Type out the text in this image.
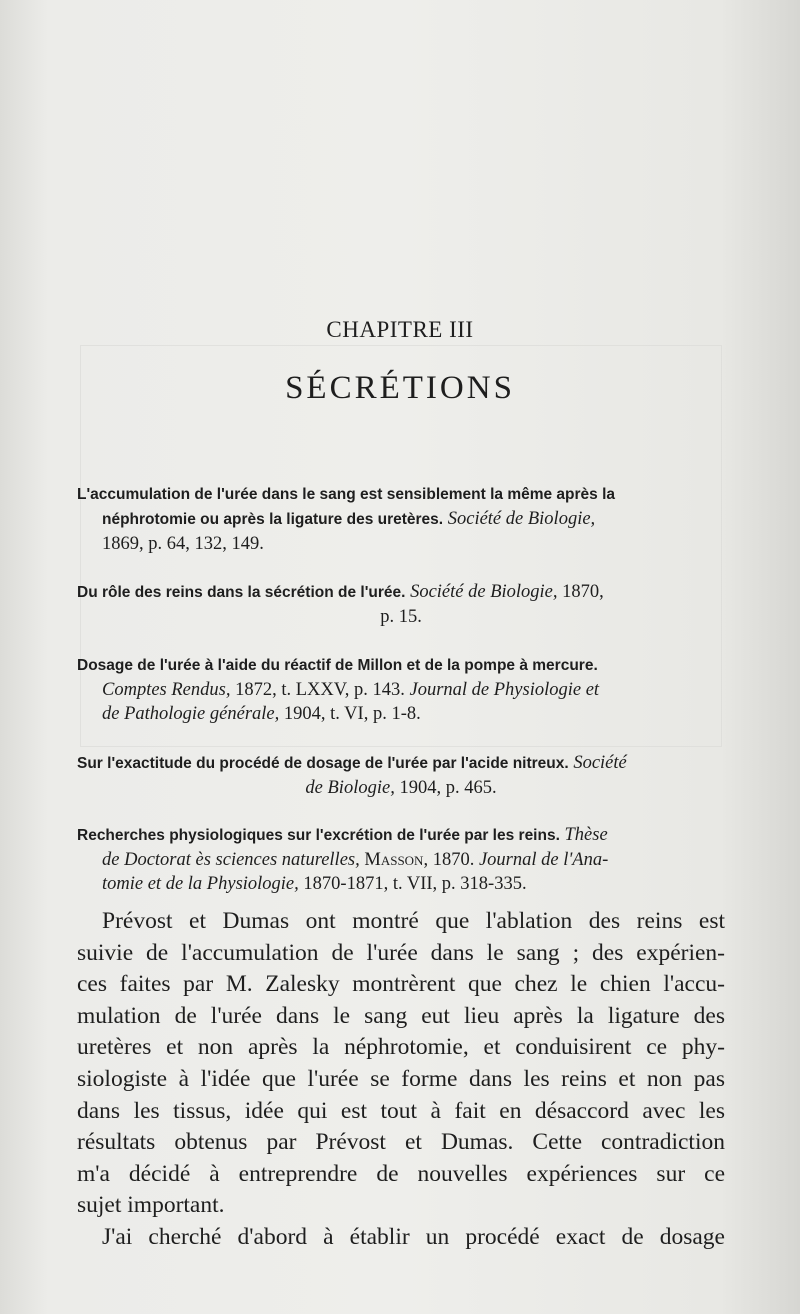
CHAPITRE III
SÉCRÉTIONS
L'accumulation de l'urée dans le sang est sensiblement la même après la
néphrotomie ou après la ligature des uretères. Société de Biologie,
1869, p. 64, 132, 149.
Du rôle des reins dans la sécrétion de l'urée. Société de Biologie, 1870,
p. 15.
Dosage de l'urée à l'aide du réactif de Millon et de la pompe à mercure.
Comptes Rendus, 1872, t. LXXV, p. 143. Journal de Physiologie et
de Pathologie générale, 1904, t. VI, p. 1-8.
Sur l'exactitude du procédé de dosage de l'urée par l'acide nitreux. Société
de Biologie, 1904, p. 465.
Recherches physiologiques sur l'excrétion de l'urée par les reins. Thèse
de Doctorat ès sciences naturelles, Masson, 1870. Journal de l'Ana-
tomie et de la Physiologie, 1870-1871, t. VII, p. 318-335.
Prévost et Dumas ont montré que l'ablation des reins est
suivie de l'accumulation de l'urée dans le sang ; des expérien-
ces faites par M. Zalesky montrèrent que chez le chien l'accu-
mulation de l'urée dans le sang eut lieu après la ligature des
uretères et non après la néphrotomie, et conduisirent ce phy-
siologiste à l'idée que l'urée se forme dans les reins et non pas
dans les tissus, idée qui est tout à fait en désaccord avec les
résultats obtenus par Prévost et Dumas. Cette contradiction
m'a décidé à entreprendre de nouvelles expériences sur ce
sujet important.
J'ai cherché d'abord à établir un procédé exact de dosage
